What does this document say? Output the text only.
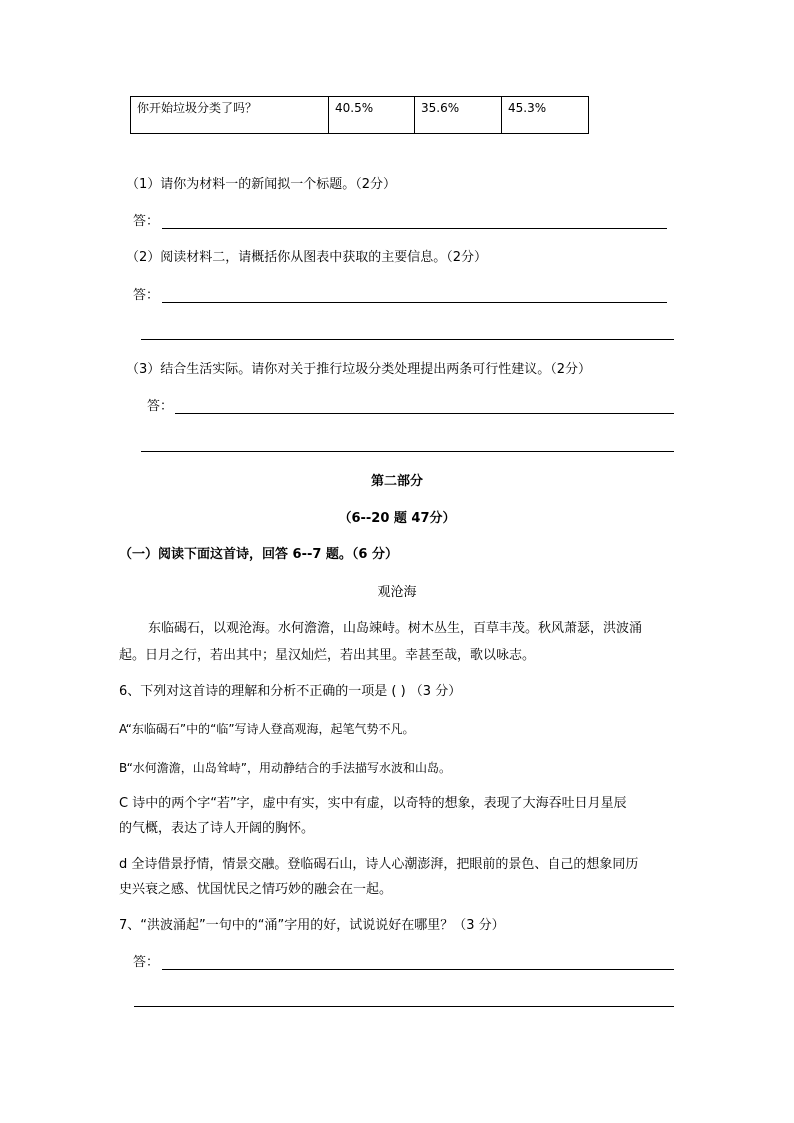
你开始垃圾分类了吗？	40.5%	35.6%	45.3%
（1）请你为材料一的新闻拟一个标题。（2分）
答：
（2）阅读材料二，请概括你从图表中获取的主要信息。（2分）
答：
（3）结合生活实际。请你对关于推行垃圾分类处理提出两条可行性建议。（2分）
答：
第二部分
（6--20 题 47分）
（一）阅读下面这首诗，回答 6--7 题。（6 分）
观沧海
东临碣石，以观沧海。水何澹澹，山岛竦峙。树木丛生，百草丰茂。秋风萧瑟，洪波涌
起。日月之行，若出其中；星汉灿烂，若出其里。幸甚至哉，歌以咏志。
6、下列对这首诗的理解和分析不正确的一项是 ( ) （3 分）
A“东临碣石”中的“临”写诗人登高观海，起笔气势不凡。
B“水何澹澹，山岛耸峙”，用动静结合的手法描写水波和山岛。
C 诗中的两个字“若”字，虚中有实，实中有虚，以奇特的想象，表现了大海吞吐日月星辰
的气概，表达了诗人开阔的胸怀。
d 全诗借景抒情，情景交融。登临碣石山，诗人心潮澎湃，把眼前的景色、自己的想象同历
史兴衰之感、忧国忧民之情巧妙的融会在一起。
7、“洪波涌起”一句中的“涌”字用的好，试说说好在哪里？（3 分）
答：
